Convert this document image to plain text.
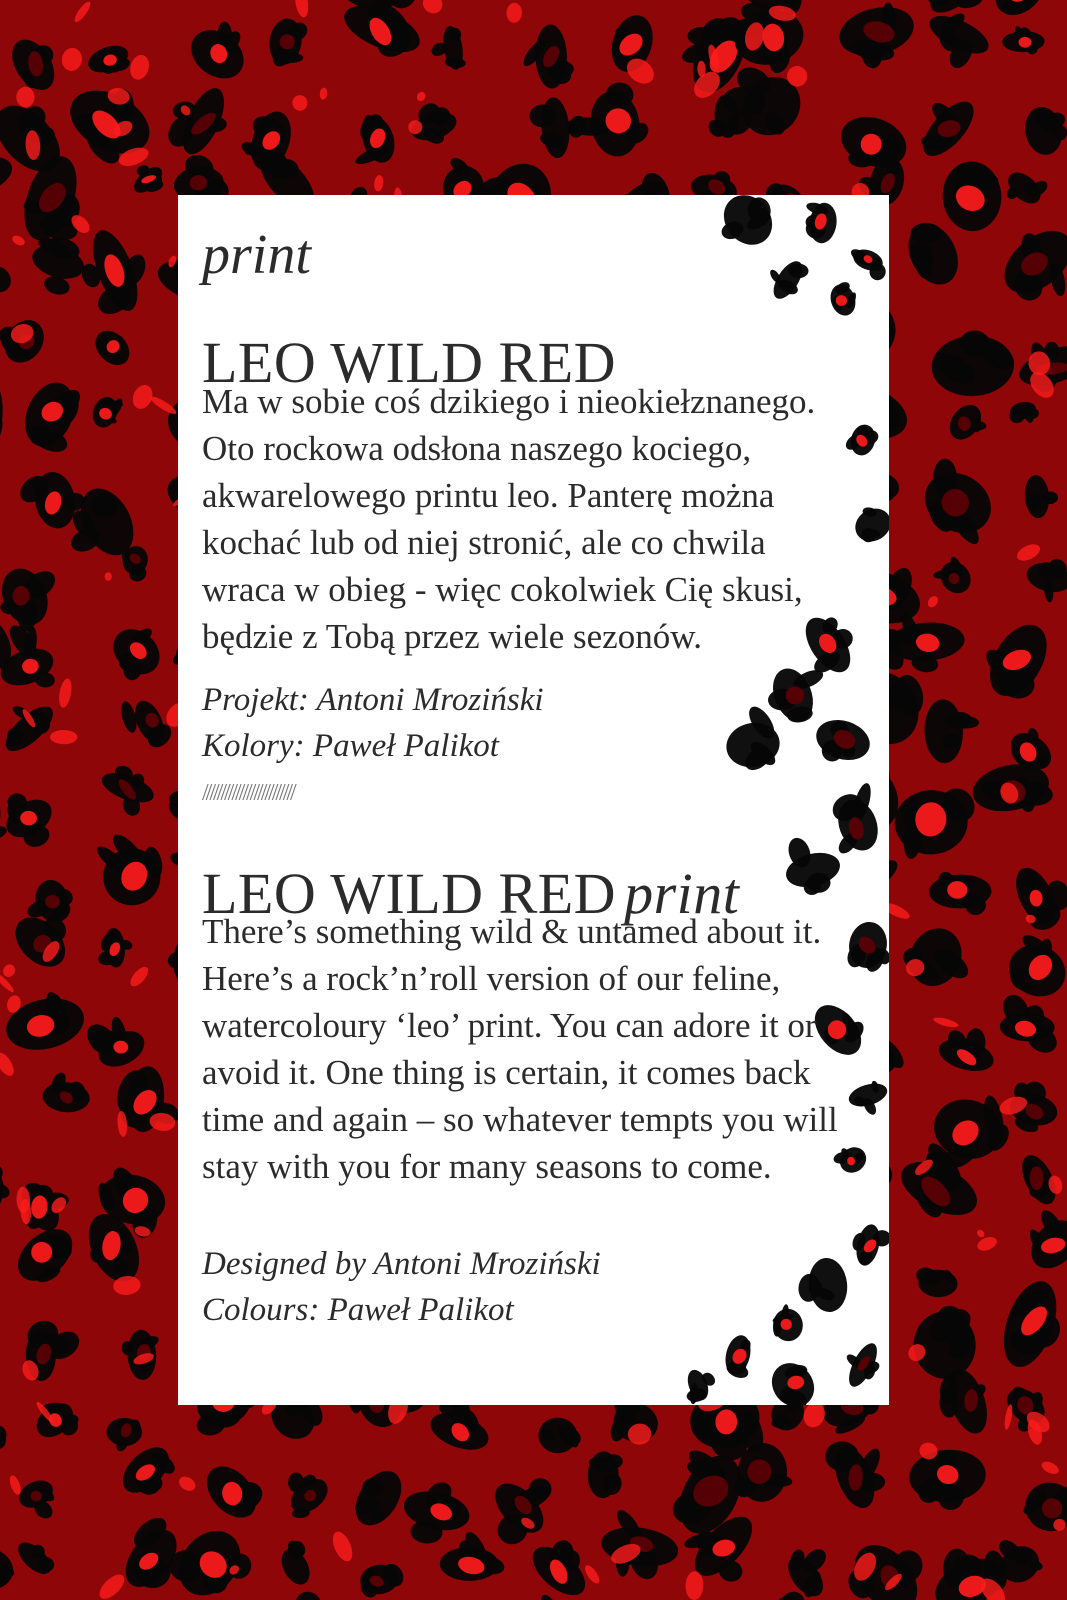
print
LEO WILD RED

Ma w sobie coś dzikiego i nieokiełznanego. Oto rockowa odsłona naszego kociego, akwarelowego printu leo. Panterę można kochać lub od niej stronić, ale co chwila wraca w obieg - więc cokolwiek Cię skusi, będzie z Tobą przez wiele sezonów.

Projekt: Antoni Mroziński
Kolory: Paweł Palikot
/////////////////////////
LEO WILD RED print

There’s something wild & untamed about it. Here’s a rock’n’roll version of our feline, watercoloury ‘leo’ print. You can adore it or avoid it. One thing is certain, it comes back time and again – so whatever tempts you will stay with you for many seasons to come.

Designed by Antoni Mroziński
Colours: Paweł Palikot
